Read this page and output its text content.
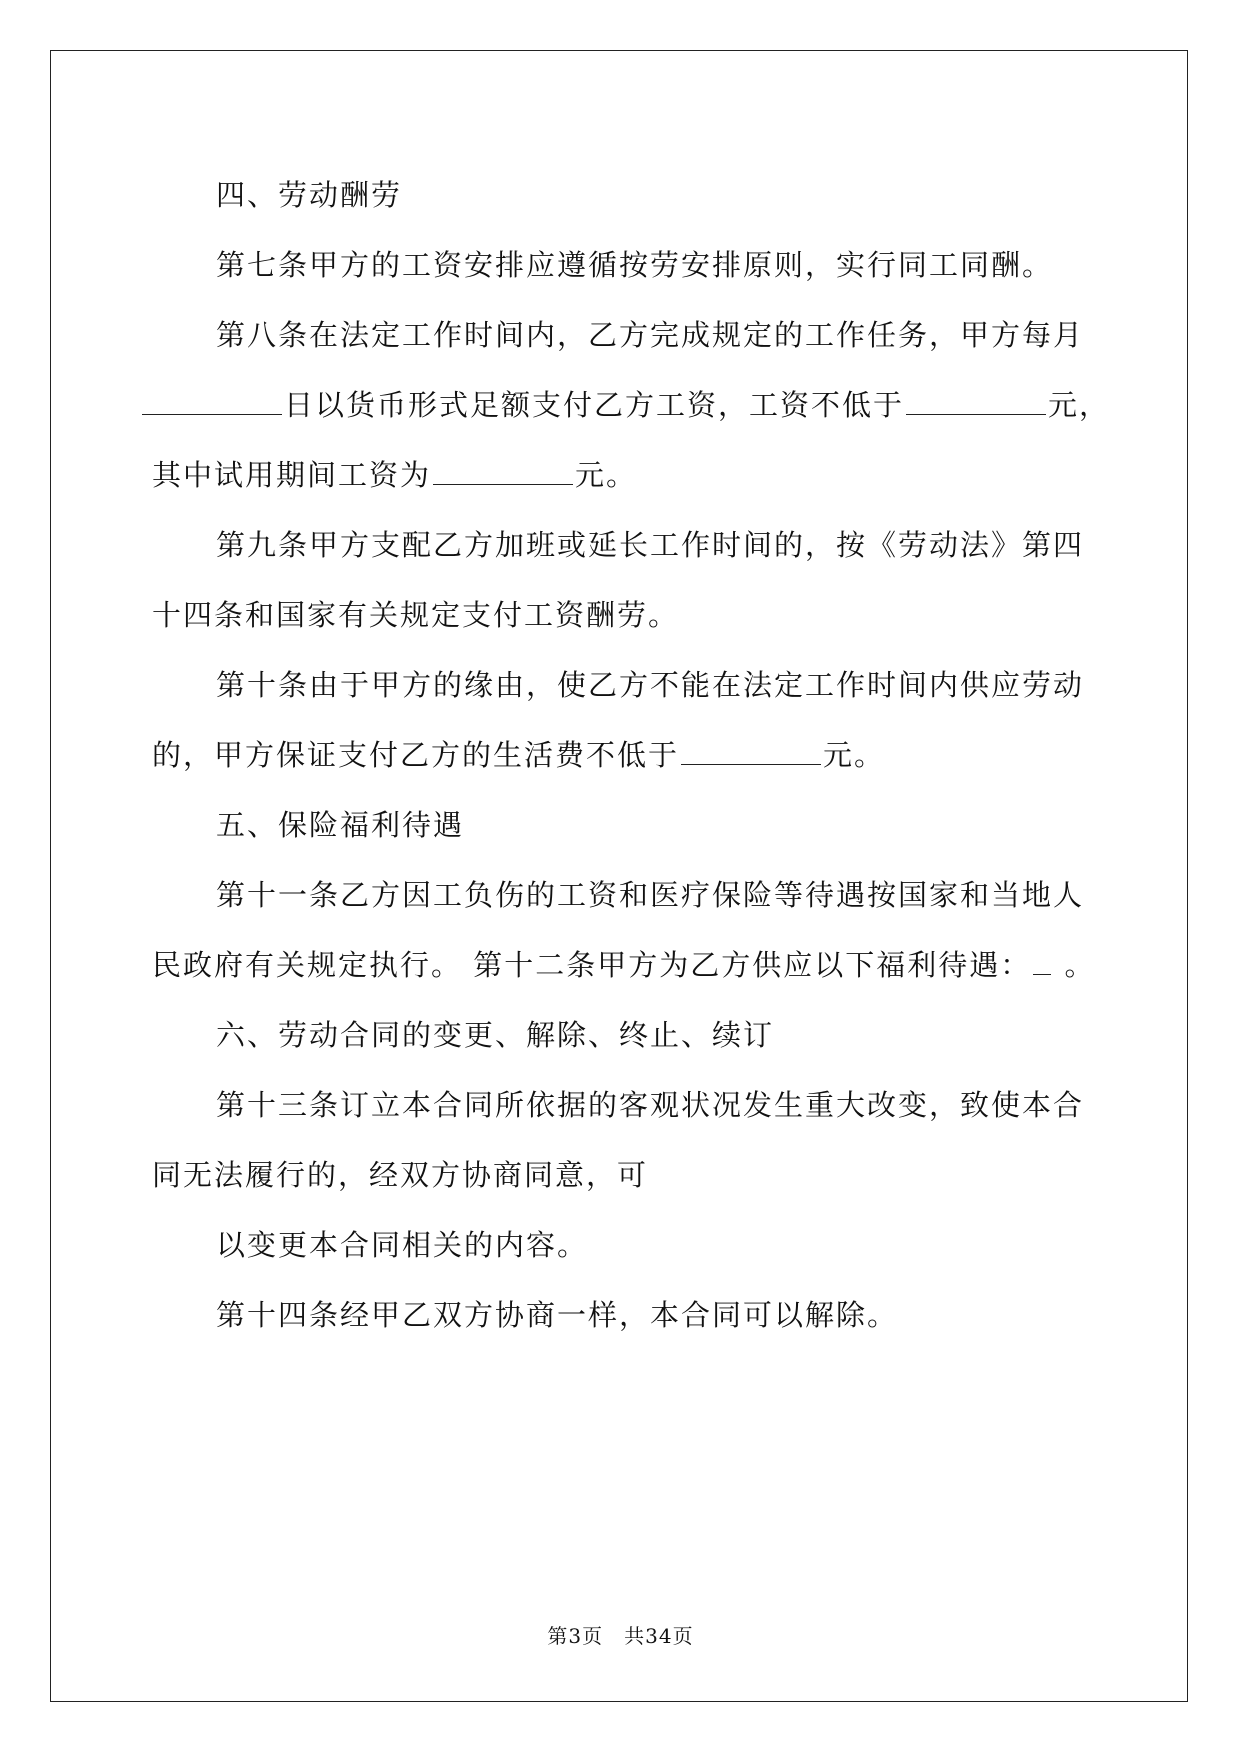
四、劳动酬劳
第七条甲方的工资安排应遵循按劳安排原则，实行同工同酬。
第八条在法定工作时间内，乙方完成规定的工作任务，甲方每月
日以货币形式足额支付乙方工资，工资不低于	元，
其中试用期间工资为	元。
第九条甲方支配乙方加班或延长工作时间的，按《劳动法》第四
十四条和国家有关规定支付工资酬劳。
第十条由于甲方的缘由，使乙方不能在法定工作时间内供应劳动
的，甲方保证支付乙方的生活费不低于	元。
五、保险福利待遇
第十一条乙方因工负伤的工资和医疗保险等待遇按国家和当地人
民政府有关规定执行。 第十二条甲方为乙方供应以下福利待遇： 。
六、劳动合同的变更、解除、终止、续订
第十三条订立本合同所依据的客观状况发生重大改变，致使本合
同无法履行的，经双方协商同意，可
以变更本合同相关的内容。
第十四条经甲乙双方协商一样，本合同可以解除。
第3页　共34页
